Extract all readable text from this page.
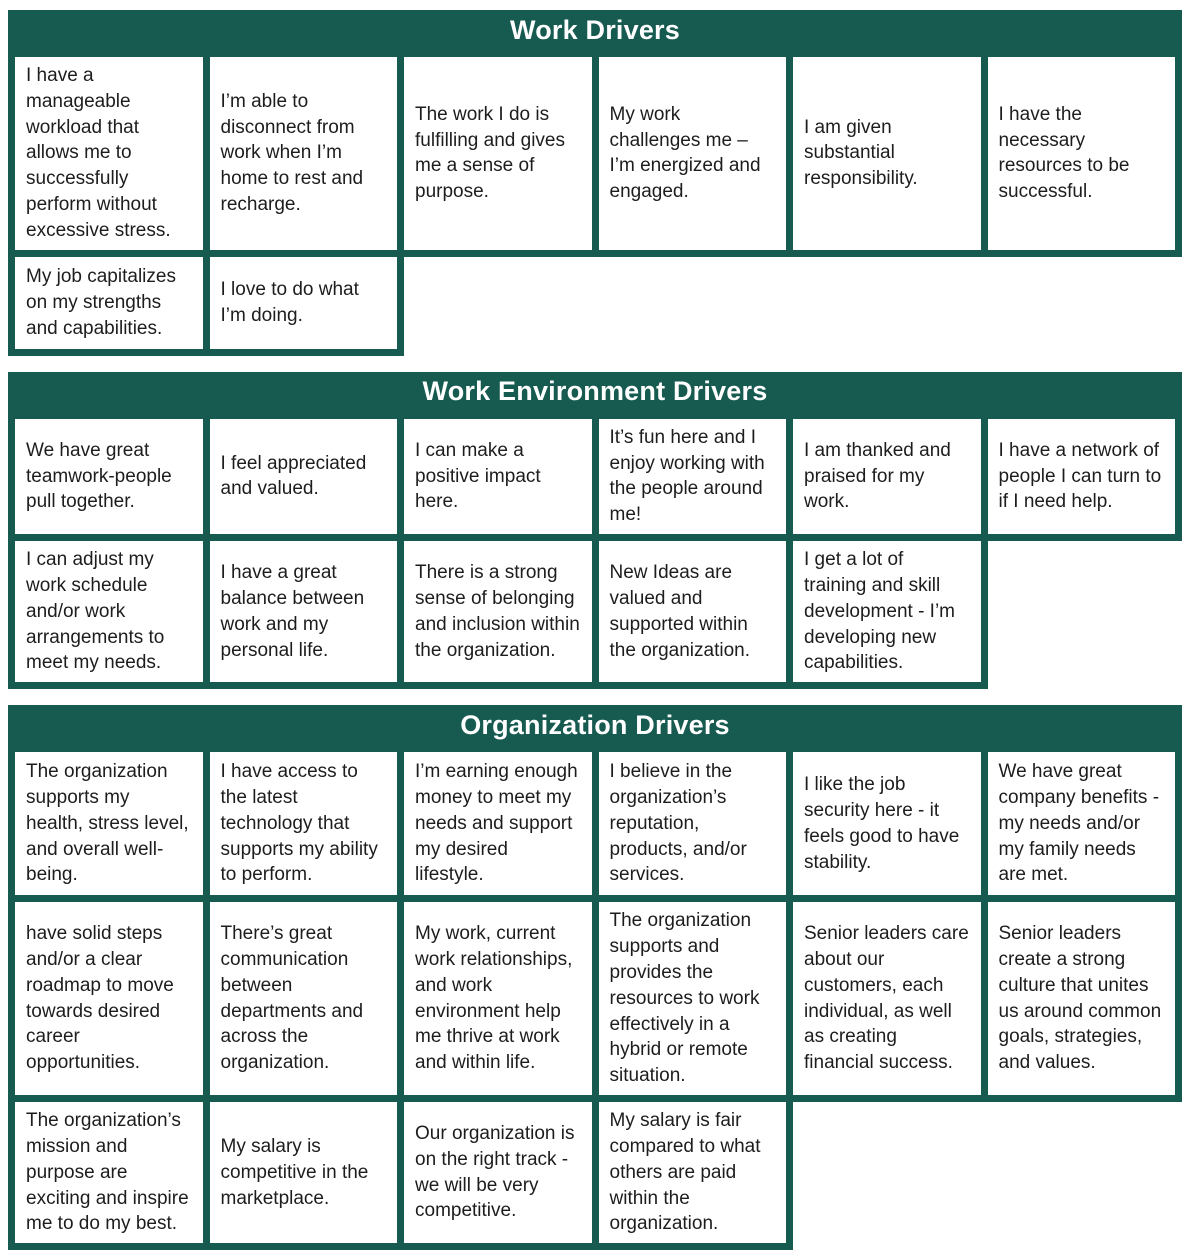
Work Drivers
I have a manageable workload that allows me to successfully perform without excessive stress.
I’m able to disconnect from work when I’m home to rest and recharge.
The work I do is fulfilling and gives me a sense of purpose.
My work challenges me – I’m energized and engaged.
I am given substantial responsibility.
I have the necessary resources to be successful.
My job capitalizes on my strengths and capabilities.
I love to do what I’m doing.
Work Environment Drivers
We have great teamwork-people pull together.
I feel appreciated and valued.
I can make a positive impact here.
It’s fun here and I enjoy working with the people around me!
I am thanked and praised for my work.
I have a network of people I can turn to if I need help.
I can adjust my work schedule and/or work arrangements to meet my needs.
I have a great balance between work and my personal life.
There is a strong sense of belonging and inclusion within the organization.
New Ideas are valued and supported within the organization.
I get a lot of training and skill development - I’m developing new capabilities.
Organization Drivers
The organization supports my health, stress level, and overall well-being.
I have access to the latest technology that supports my ability to perform.
I’m earning enough money to meet my needs and support my desired lifestyle.
I believe in the organization’s reputation, products, and/or services.
I like the job security here - it feels good to have stability.
We have great company benefits - my needs and/or my family needs are met.
have solid steps and/or a clear roadmap to move towards desired career opportunities.
There’s great communication between departments and across the organization.
My work, current work relationships, and work environment help me thrive at work and within life.
The organization supports and provides the resources to work effectively in a hybrid or remote situation.
Senior leaders care about our customers, each individual, as well as creating financial success.
Senior leaders create a strong culture that unites us around common goals, strategies, and values.
The organization’s mission and purpose are exciting and inspire me to do my best.
My salary is competitive in the marketplace.
Our organization is on the right track - we will be very competitive.
My salary is fair compared to what others are paid within the organization.
